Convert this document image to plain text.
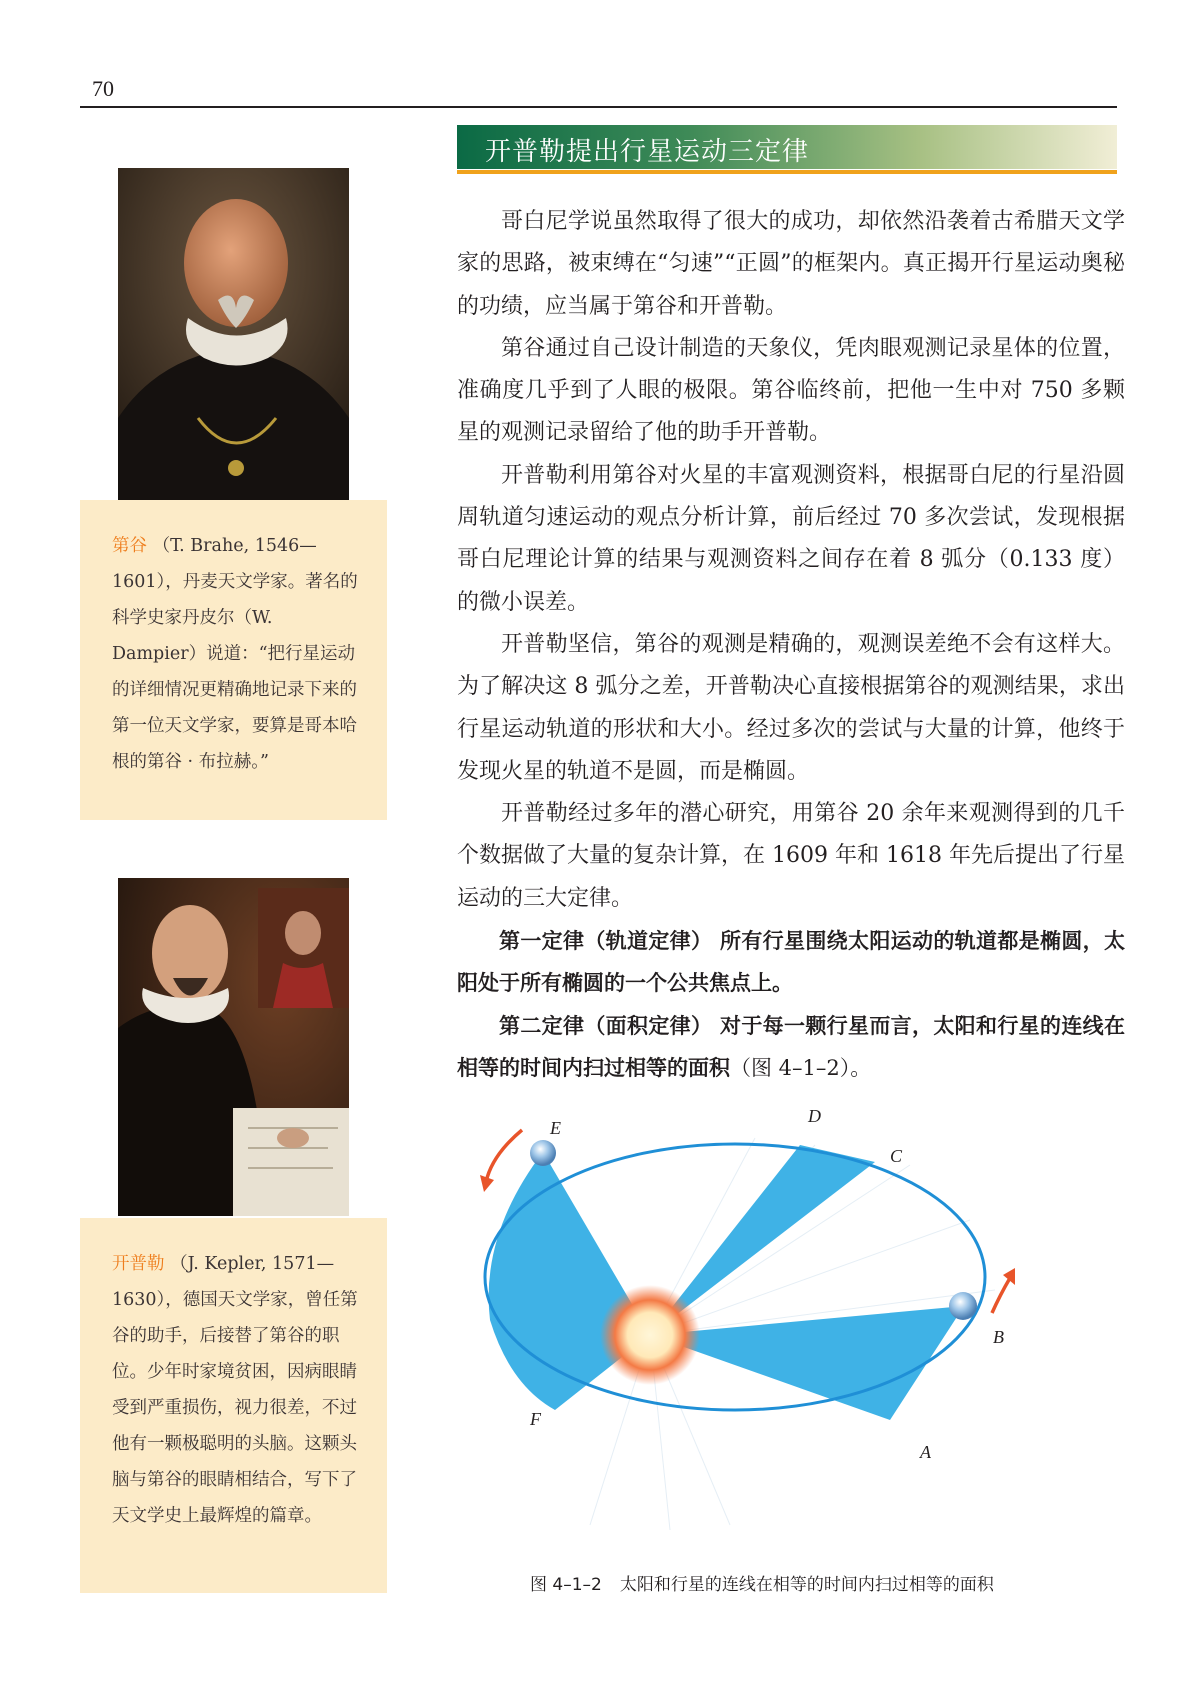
70
开普勒提出行星运动三定律
第谷 （T. Brahe, 1546—1601），丹麦天文学家。著名的科学史家丹皮尔（W. Dampier）说道：“把行星运动的详细情况更精确地记录下来的第一位天文学家，要算是哥本哈根的第谷 · 布拉赫。”
开普勒 （J. Kepler, 1571—1630），德国天文学家，曾任第谷的助手，后接替了第谷的职位。少年时家境贫困，因病眼睛受到严重损伤，视力很差，不过他有一颗极聪明的头脑。这颗头脑与第谷的眼睛相结合，写下了天文学史上最辉煌的篇章。

哥白尼学说虽然取得了很大的成功，却依然沿袭着古希腊天文学家的思路，被束缚在“匀速”“正圆”的框架内。真正揭开行星运动奥秘的功绩，应当属于第谷和开普勒。

第谷通过自己设计制造的天象仪，凭肉眼观测记录星体的位置，准确度几乎到了人眼的极限。第谷临终前，把他一生中对 750 多颗星的观测记录留给了他的助手开普勒。

开普勒利用第谷对火星的丰富观测资料，根据哥白尼的行星沿圆周轨道匀速运动的观点分析计算，前后经过 70 多次尝试，发现根据哥白尼理论计算的结果与观测资料之间存在着 8 弧分（0.133 度）的微小误差。

开普勒坚信，第谷的观测是精确的，观测误差绝不会有这样大。为了解决这 8 弧分之差，开普勒决心直接根据第谷的观测结果，求出行星运动轨道的形状和大小。经过多次的尝试与大量的计算，他终于发现火星的轨道不是圆，而是椭圆。

开普勒经过多年的潜心研究，用第谷 20 余年来观测得到的几千个数据做了大量的复杂计算，在 1609 年和 1618 年先后提出了行星运动的三大定律。

第一定律（轨道定律） 所有行星围绕太阳运动的轨道都是椭圆，太阳处于所有椭圆的一个公共焦点上。

第二定律（面积定律） 对于每一颗行星而言，太阳和行星的连线在相等的时间内扫过相等的面积（图 4–1–2）。

D
C
E
B
A
F
图 4–1–2 太阳和行星的连线在相等的时间内扫过相等的面积
